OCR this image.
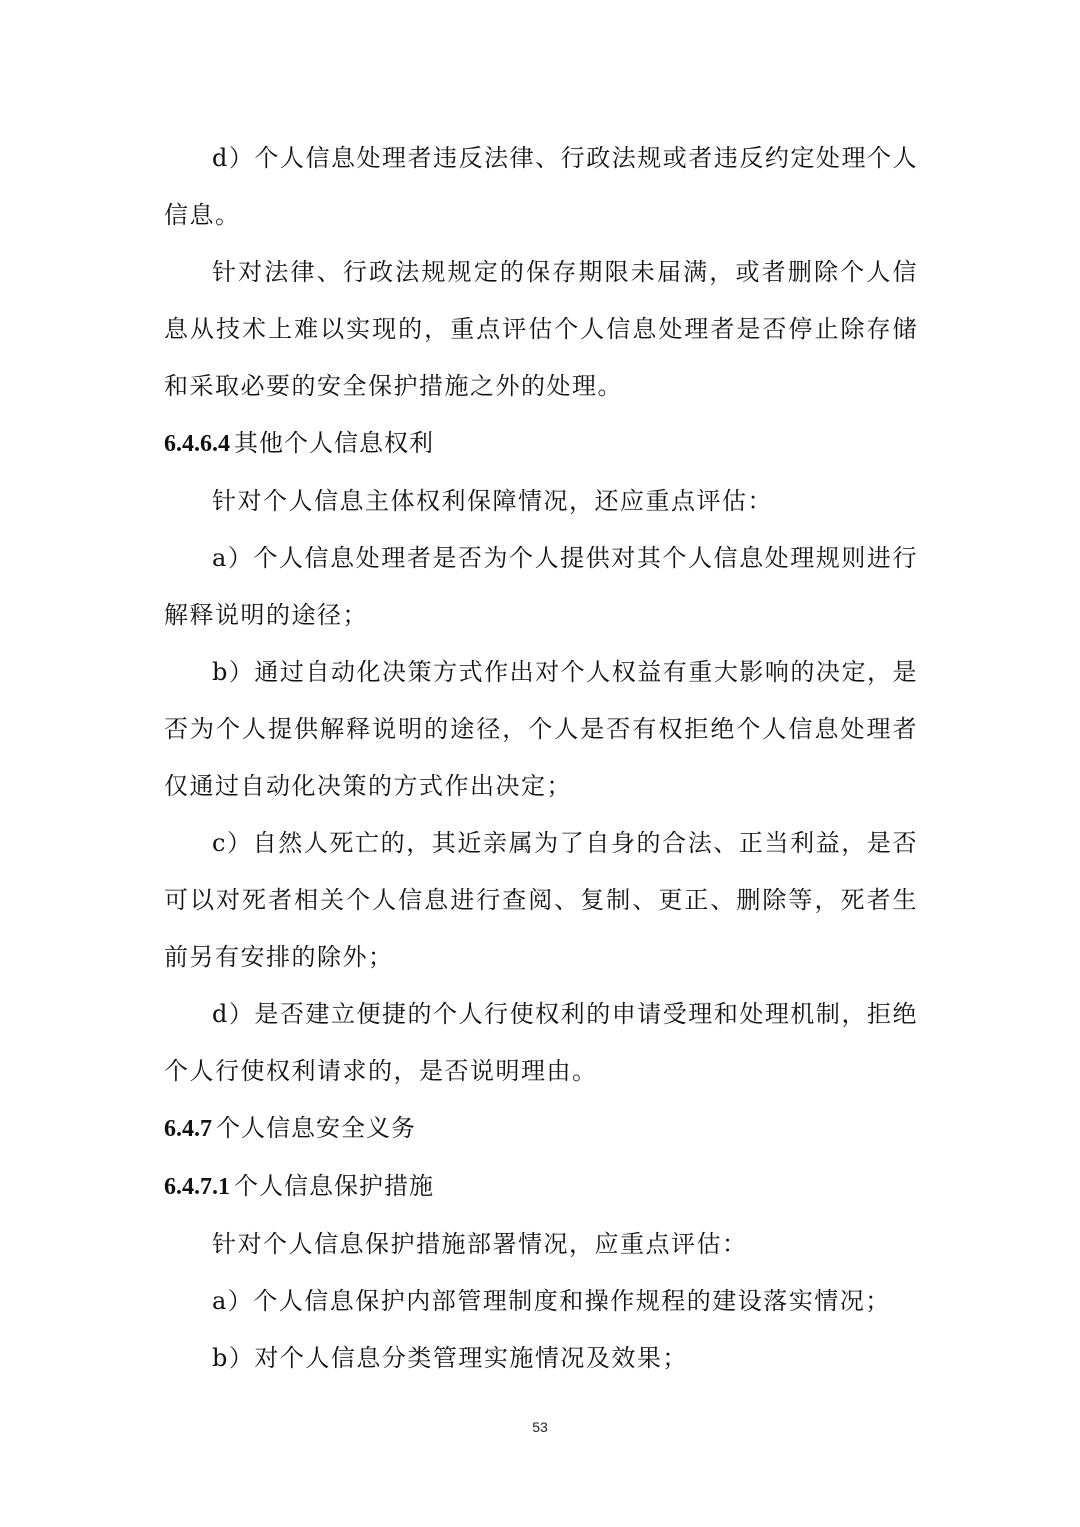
d）个人信息处理者违反法律、行政法规或者违反约定处理个人信息。

针对法律、行政法规规定的保存期限未届满，或者删除个人信息从技术上难以实现的，重点评估个人信息处理者是否停止除存储和采取必要的安全保护措施之外的处理。

6.4.6.4 其他个人信息权利

针对个人信息主体权利保障情况，还应重点评估：

a）个人信息处理者是否为个人提供对其个人信息处理规则进行解释说明的途径；

b）通过自动化决策方式作出对个人权益有重大影响的决定，是否为个人提供解释说明的途径，个人是否有权拒绝个人信息处理者仅通过自动化决策的方式作出决定；

c）自然人死亡的，其近亲属为了自身的合法、正当利益，是否可以对死者相关个人信息进行查阅、复制、更正、删除等，死者生前另有安排的除外；

d）是否建立便捷的个人行使权利的申请受理和处理机制，拒绝个人行使权利请求的，是否说明理由。

6.4.7 个人信息安全义务

6.4.7.1 个人信息保护措施

针对个人信息保护措施部署情况，应重点评估：

a）个人信息保护内部管理制度和操作规程的建设落实情况；

b）对个人信息分类管理实施情况及效果；

53
